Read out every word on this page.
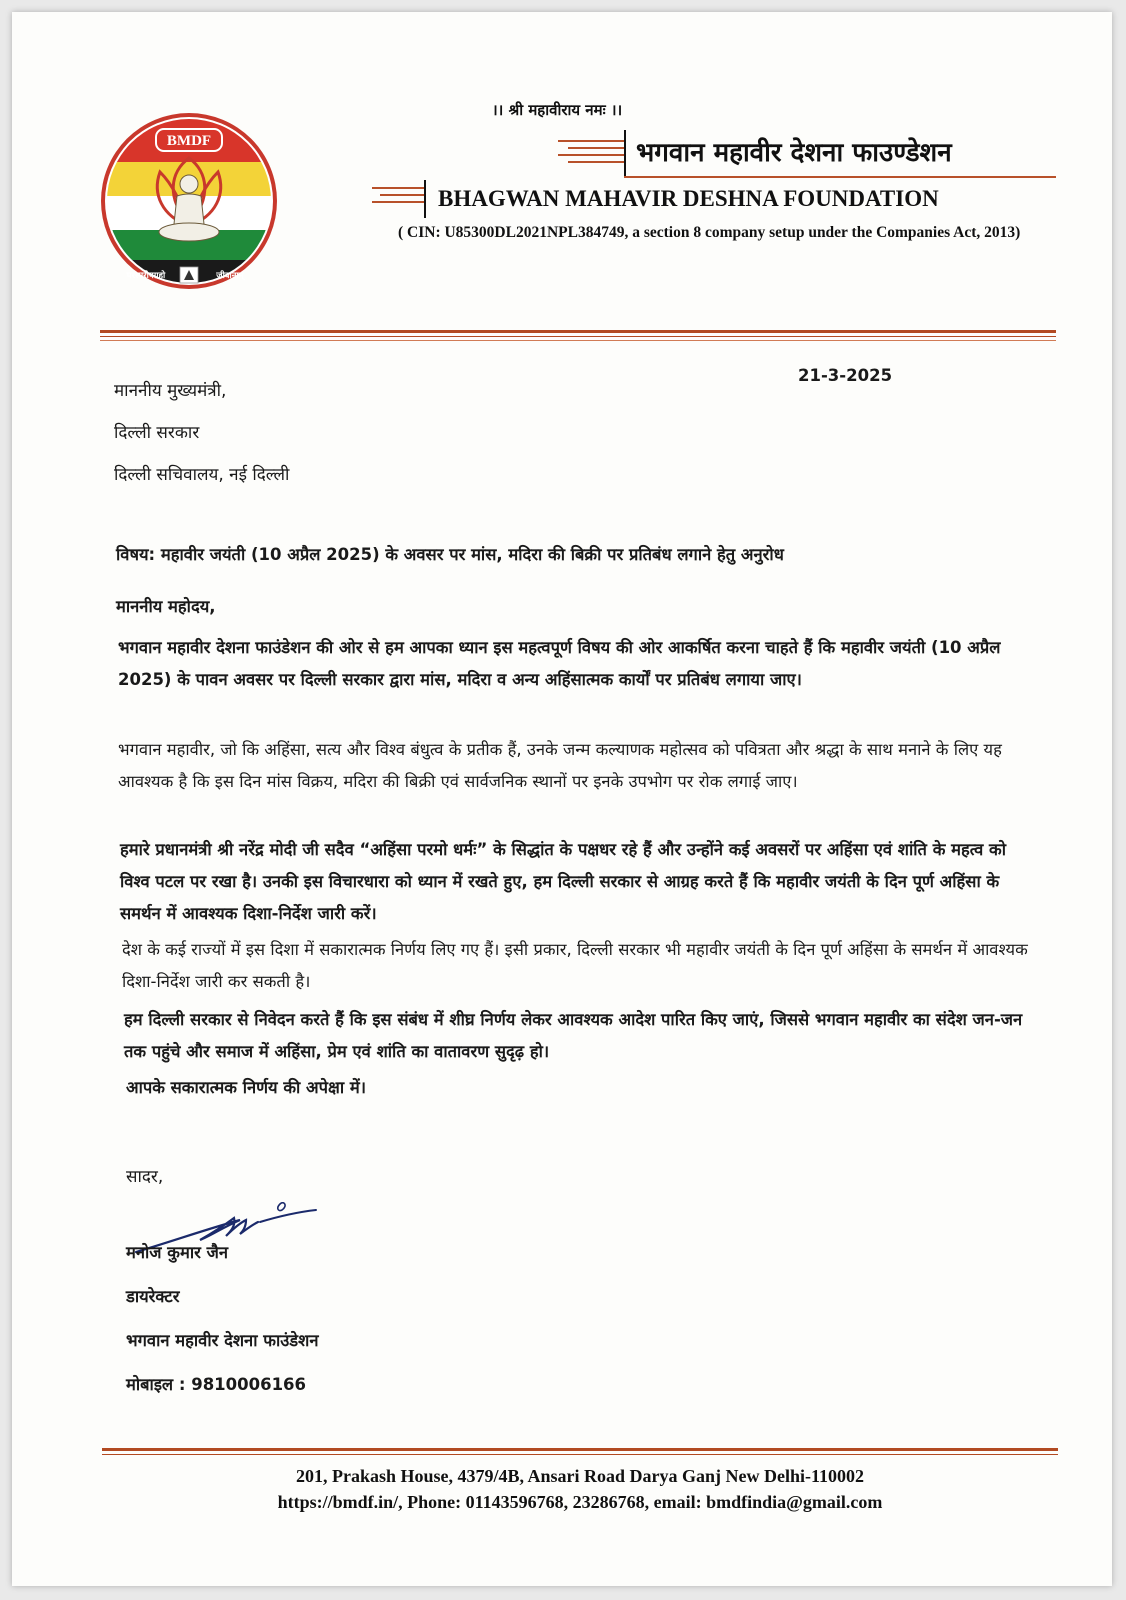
BMDF
परस्परोपग्रहो	जीवानाम्
।। श्री महावीराय नमः ।।
भगवान महावीर देशना फाउण्डेशन
BHAGWAN MAHAVIR DESHNA FOUNDATION
( CIN: U85300DL2021NPL384749, a section 8 company setup under the Companies Act, 2013)
21-3-2025
माननीय मुख्यमंत्री,
दिल्ली सरकार
दिल्ली सचिवालय, नई दिल्ली
विषय: महावीर जयंती (10 अप्रैल 2025) के अवसर पर मांस, मदिरा की बिक्री पर प्रतिबंध लगाने हेतु अनुरोध
माननीय महोदय,
भगवान महावीर देशना फाउंडेशन की ओर से हम आपका ध्यान इस महत्वपूर्ण विषय की ओर आकर्षित करना चाहते हैं कि महावीर जयंती (10 अप्रैल 2025) के पावन अवसर पर दिल्ली सरकार द्वारा मांस, मदिरा व अन्य अहिंसात्मक कार्यों पर प्रतिबंध लगाया जाए।
भगवान महावीर, जो कि अहिंसा, सत्य और विश्व बंधुत्व के प्रतीक हैं, उनके जन्म कल्याणक महोत्सव को पवित्रता और श्रद्धा के साथ मनाने के लिए यह आवश्यक है कि इस दिन मांस विक्रय, मदिरा की बिक्री एवं सार्वजनिक स्थानों पर इनके उपभोग पर रोक लगाई जाए।
हमारे प्रधानमंत्री श्री नरेंद्र मोदी जी सदैव “अहिंसा परमो धर्मः” के सिद्धांत के पक्षधर रहे हैं और उन्होंने कई अवसरों पर अहिंसा एवं शांति के महत्व को विश्व पटल पर रखा है। उनकी इस विचारधारा को ध्यान में रखते हुए, हम दिल्ली सरकार से आग्रह करते हैं कि महावीर जयंती के दिन पूर्ण अहिंसा के समर्थन में आवश्यक दिशा-निर्देश जारी करें।
देश के कई राज्यों में इस दिशा में सकारात्मक निर्णय लिए गए हैं। इसी प्रकार, दिल्ली सरकार भी महावीर जयंती के दिन पूर्ण अहिंसा के समर्थन में आवश्यक दिशा-निर्देश जारी कर सकती है।
हम दिल्ली सरकार से निवेदन करते हैं कि इस संबंध में शीघ्र निर्णय लेकर आवश्यक आदेश पारित किए जाएं, जिससे भगवान महावीर का संदेश जन-जन तक पहुंचे और समाज में अहिंसा, प्रेम एवं शांति का वातावरण सुदृढ़ हो।
आपके सकारात्मक निर्णय की अपेक्षा में।
सादर,
मनोज कुमार जैन
डायरेक्टर
भगवान महावीर देशना फाउंडेशन
मोबाइल : 9810006166
201, Prakash House, 4379/4B, Ansari Road Darya Ganj New Delhi-110002
https://bmdf.in/, Phone: 01143596768, 23286768, email: bmdfindia@gmail.com
